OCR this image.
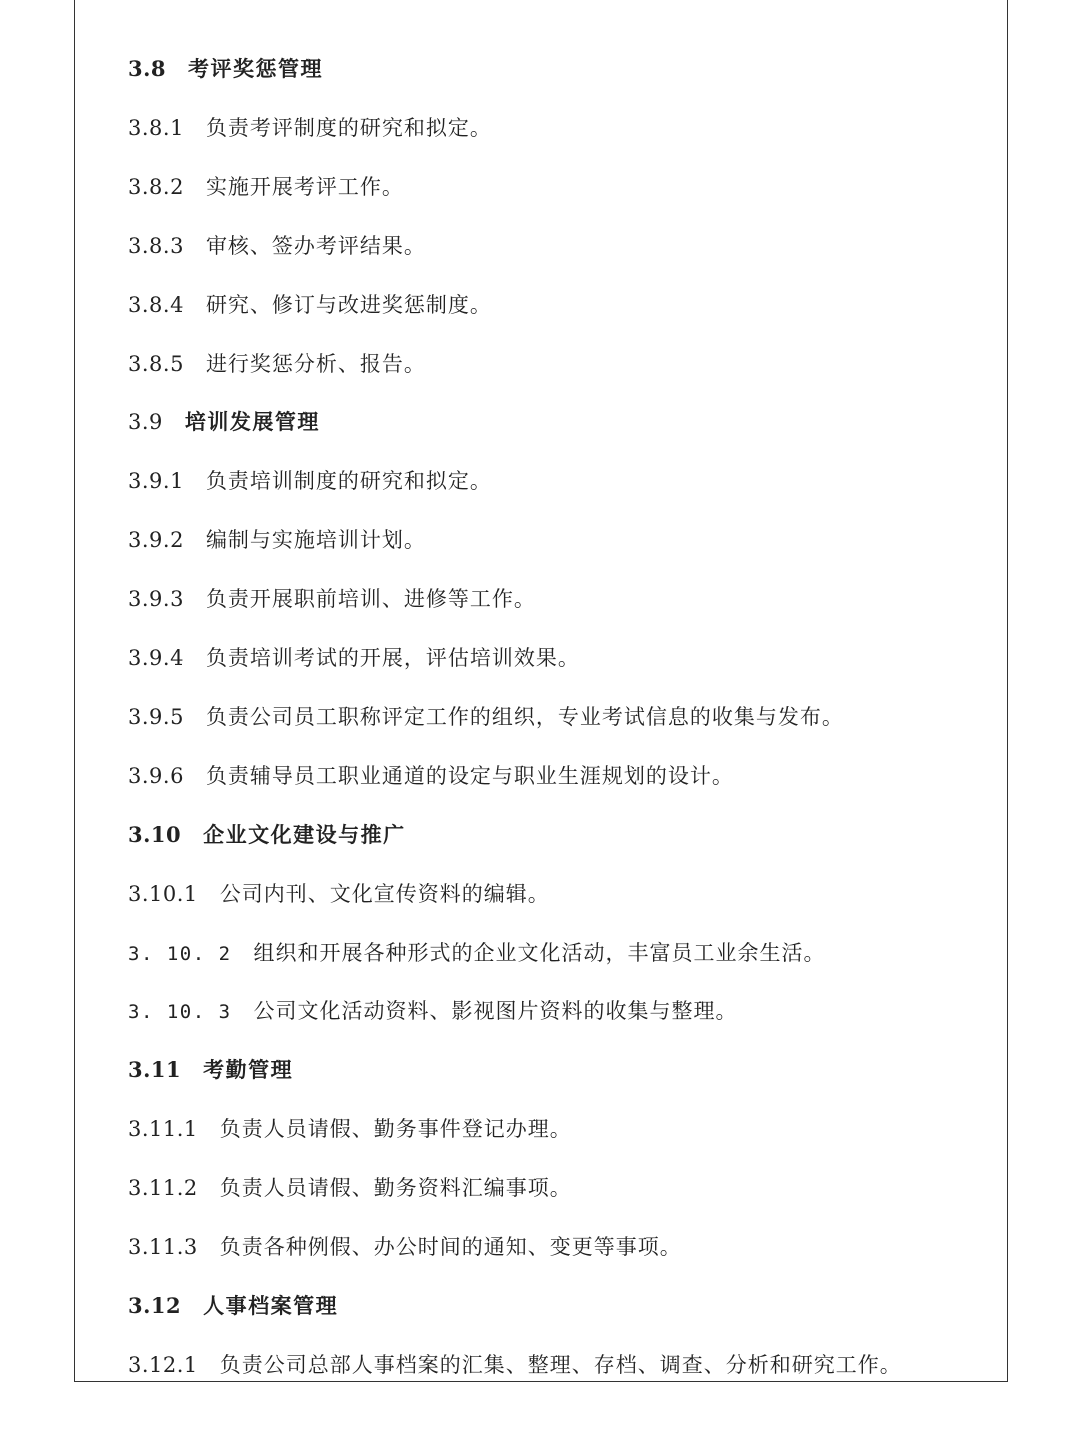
3.8 考评奖惩管理
3.8.1 负责考评制度的研究和拟定。
3.8.2 实施开展考评工作。
3.8.3 审核、签办考评结果。
3.8.4 研究、修订与改进奖惩制度。
3.8.5 进行奖惩分析、报告。
3.9 培训发展管理
3.9.1 负责培训制度的研究和拟定。
3.9.2 编制与实施培训计划。
3.9.3 负责开展职前培训、进修等工作。
3.9.4 负责培训考试的开展，评估培训效果。
3.9.5 负责公司员工职称评定工作的组织，专业考试信息的收集与发布。
3.9.6 负责辅导员工职业通道的设定与职业生涯规划的设计。
3.10 企业文化建设与推广
3.10.1 公司内刊、文化宣传资料的编辑。
3. 10. 2 组织和开展各种形式的企业文化活动，丰富员工业余生活。
3. 10. 3 公司文化活动资料、影视图片资料的收集与整理。
3.11 考勤管理
3.11.1 负责人员请假、勤务事件登记办理。
3.11.2 负责人员请假、勤务资料汇编事项。
3.11.3 负责各种例假、办公时间的通知、变更等事项。
3.12 人事档案管理
3.12.1 负责公司总部人事档案的汇集、整理、存档、调查、分析和研究工作。
